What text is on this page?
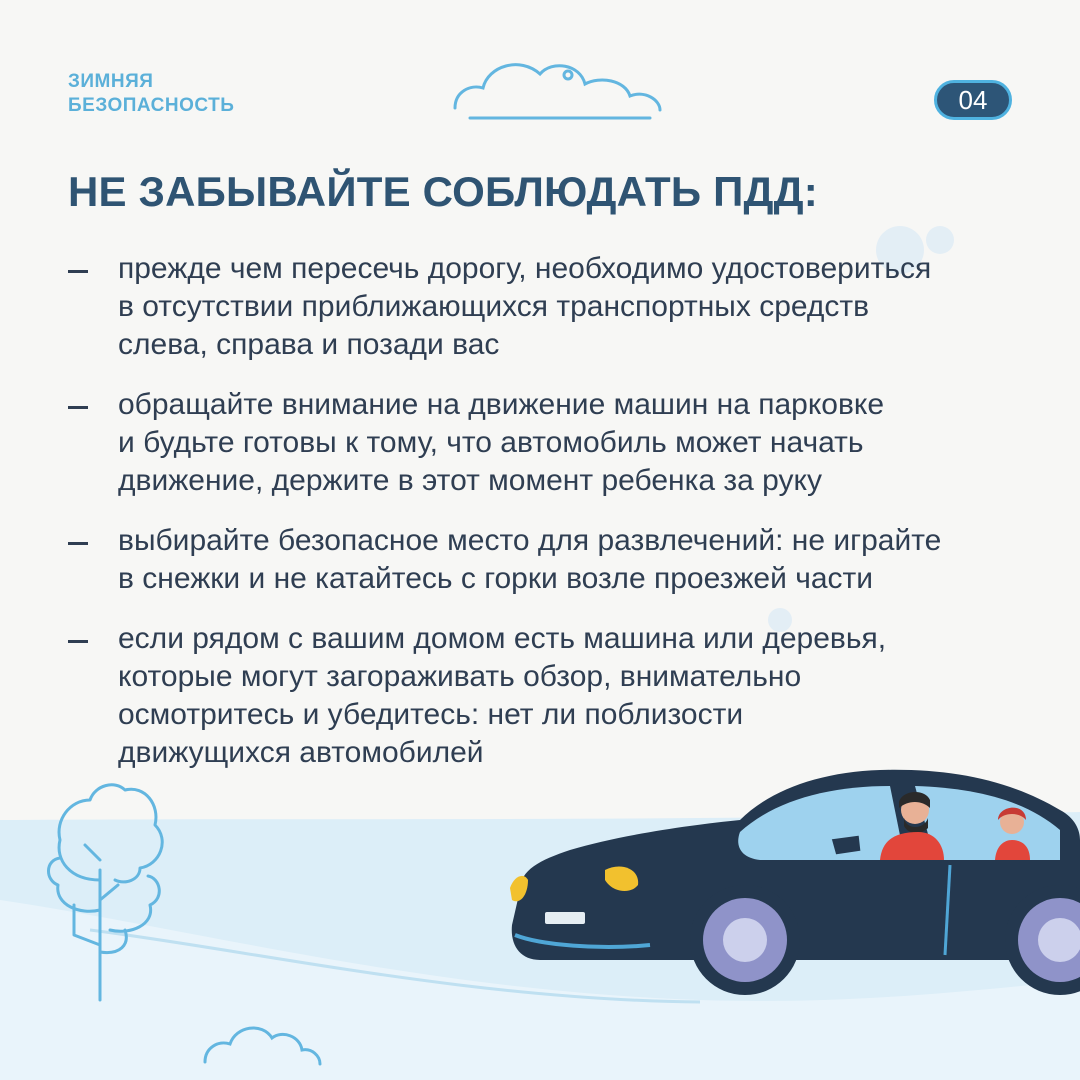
ЗИМНЯЯ
БЕЗОПАСНОСТЬ	04
НЕ ЗАБЫВАЙТЕ СОБЛЮДАТЬ ПДД:
прежде чем пересечь дорогу, необходимо удостовериться
в отсутствии приближающихся транспортных средств
слева, справа и позади вас
обращайте внимание на движение машин на парковке
и будьте готовы к тому, что автомобиль может начать
движение, держите в этот момент ребенка за руку
выбирайте безопасное место для развлечений: не играйте
в снежки и не катайтесь с горки возле проезжей части
если рядом с вашим домом есть машина или деревья,
которые могут загораживать обзор, внимательно
осмотритесь и убедитесь: нет ли поблизости
движущихся автомобилей
